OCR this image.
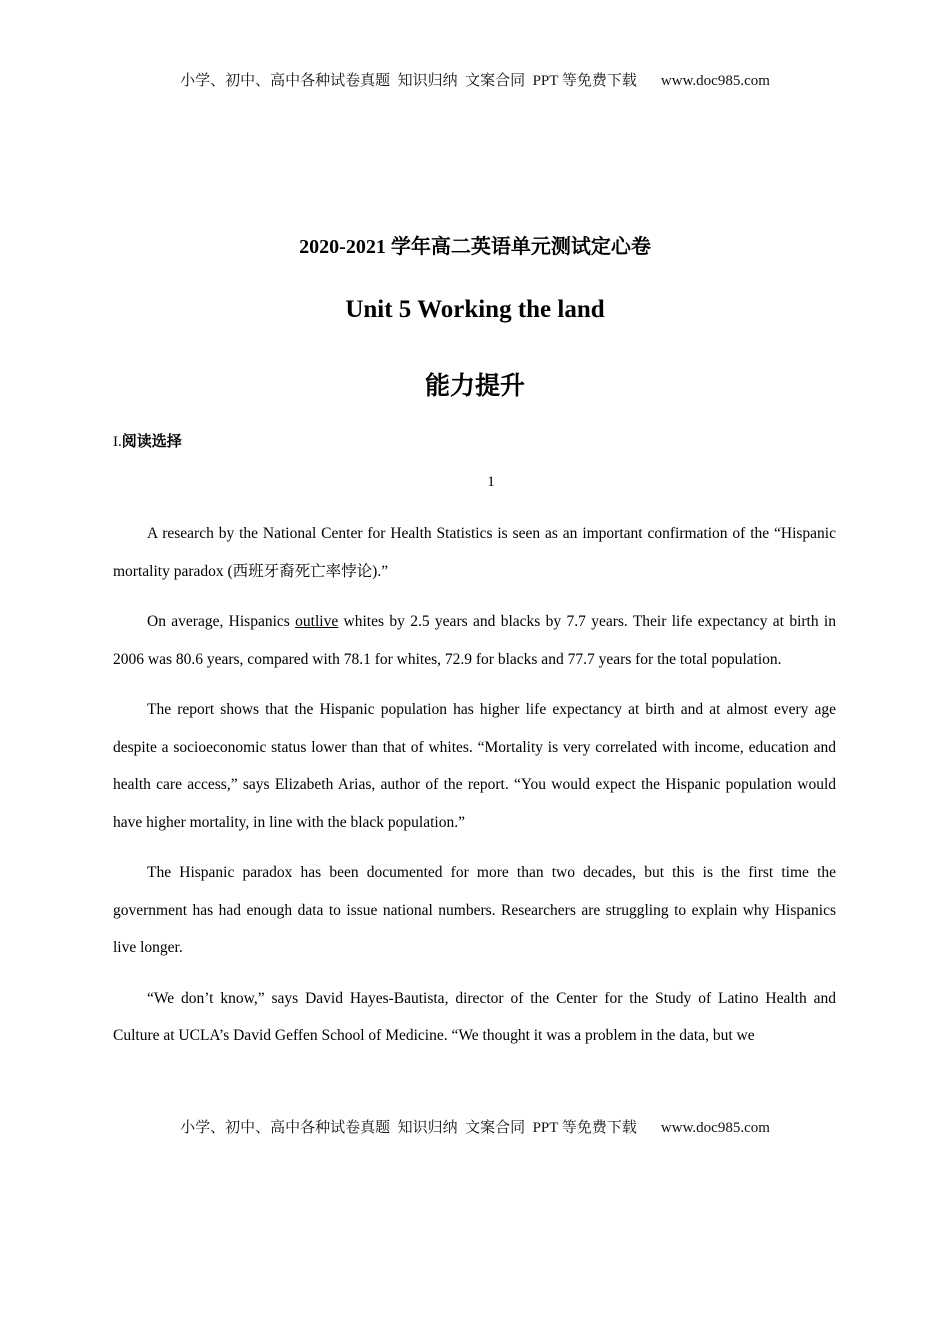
小学、初中、高中各种试卷真题  知识归纳  文案合同  PPT 等免费下载 www.doc985.com
2020-2021 学年高二英语单元测试定心卷
Unit 5 Working the land
能力提升
I.阅读选择
1

A research by the National Center for Health Statistics is seen as an important confirmation of the “Hispanic mortality paradox (西班牙裔死亡率悖论).”

On average, Hispanics outlive whites by 2.5 years and blacks by 7.7 years. Their life expectancy at birth in 2006 was 80.6 years, compared with 78.1 for whites, 72.9 for blacks and 77.7 years for the total population.

The report shows that the Hispanic population has higher life expectancy at birth and at almost every age despite a socioeconomic status lower than that of whites. “Mortality is very correlated with income, education and health care access,” says Elizabeth Arias, author of the report. “You would expect the Hispanic population would have higher mortality, in line with the black population.”

The Hispanic paradox has been documented for more than two decades, but this is the first time the government has had enough data to issue national numbers. Researchers are struggling to explain why Hispanics live longer.

“We don’t know,” says David Hayes-Bautista, director of the Center for the Study of Latino Health and Culture at UCLA’s David Geffen School of Medicine. “We thought it was a problem in the data, but we

小学、初中、高中各种试卷真题  知识归纳  文案合同  PPT 等免费下载 www.doc985.com
